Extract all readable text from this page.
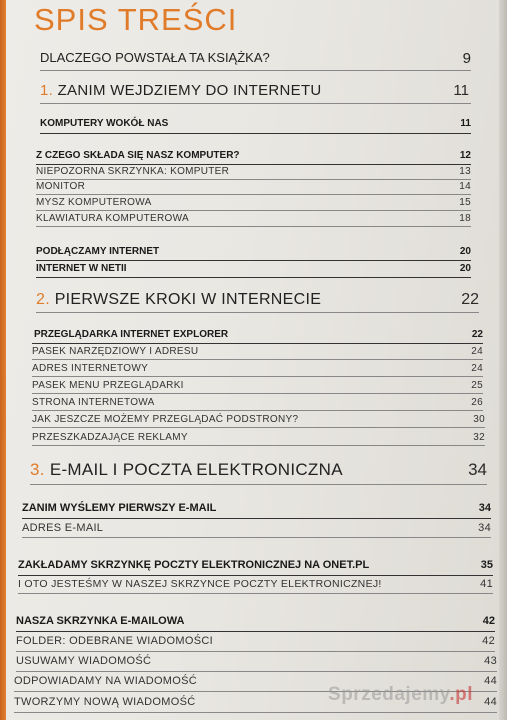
SPIS TREŚCI
DLACZEGO POWSTAŁA TA KSIĄŻKA?	9
1. ZANIM WEJDZIEMY DO INTERNETU	11
KOMPUTERY WOKÓŁ NAS	11
Z CZEGO SKŁADA SIĘ NASZ KOMPUTER?	12
NIEPOZORNA SKRZYNKA: KOMPUTER	13
MONITOR	14
MYSZ KOMPUTEROWA	15
KLAWIATURA KOMPUTEROWA	18
PODŁĄCZAMY INTERNET	20
INTERNET W NETII	20
2. PIERWSZE KROKI W INTERNECIE	22
PRZEGLĄDARKA INTERNET EXPLORER	22
PASEK NARZĘDZIOWY I ADRESU	24
ADRES INTERNETOWY	24
PASEK MENU PRZEGLĄDARKI	25
STRONA INTERNETOWA	26
JAK JESZCZE MOŻEMY PRZEGLĄDAĆ PODSTRONY?	30
PRZESZKADZAJĄCE REKLAMY	32
3. E-MAIL I POCZTA ELEKTRONICZNA	34
ZANIM WYŚLEMY PIERWSZY E-MAIL	34
ADRES E-MAIL	34
ZAKŁADAMY SKRZYNKĘ POCZTY ELEKTRONICZNEJ NA ONET.PL	35
I OTO JESTEŚMY W NASZEJ SKRZYNCE POCZTY ELEKTRONICZNEJ!	41
NASZA SKRZYNKA E-MAILOWA	42
FOLDER: ODEBRANE WIADOMOŚCI	42
USUWAMY WIADOMOŚĆ	43
ODPOWIADAMY NA WIADOMOŚĆ	44
TWORZYMY NOWĄ WIADOMOŚĆ	44
Sprzedajemy.pl
